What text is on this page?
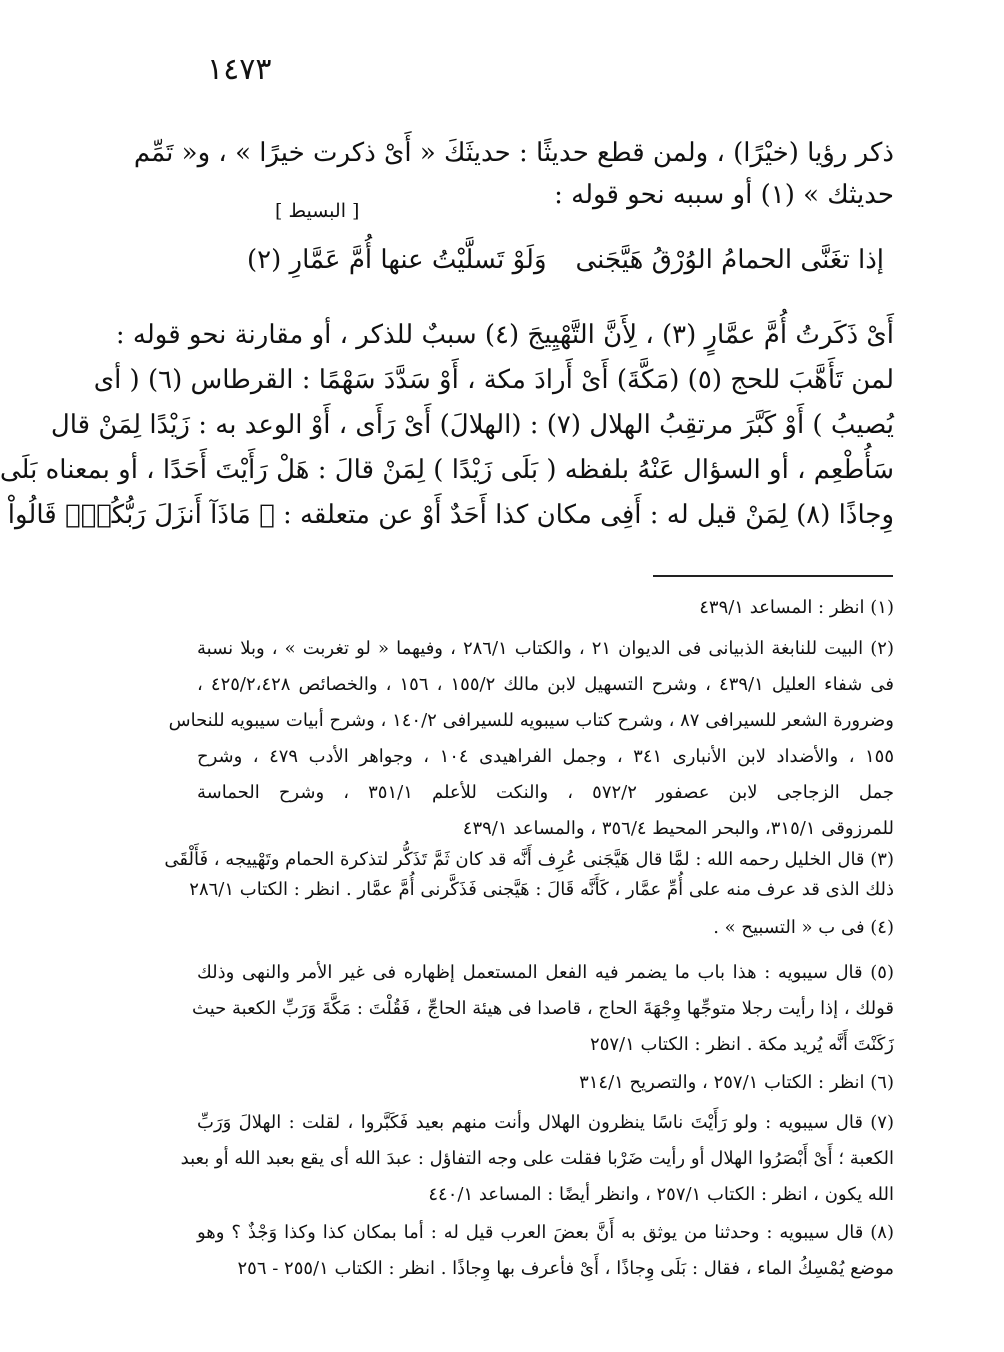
١٤٧٣
ذكر رؤيا (خيْرًا) ، ولمن قطع حديثًا : حديثَكَ « أَىْ ذكرت خيرًا » ، و« تَمِّم
حديثك » (١) أو سببه نحو قوله :
[ البسيط ]
إذا تغَنَّى الحمامُ الوُرْقُ هَيَّجَنى
وَلَوْ تَسلَّيْتُ عنها أُمَّ عَمَّارِ (٢)
أَىْ ذَكَرتُ أُمَّ عمَّارٍ (٣) ، لِأَنَّ التَّهْيِيجَ (٤) سببٌ للذكر ، أو مقارنة نحو قوله :
لمن تَأَهَّبَ للحج (٥) (مَكَّةَ) أَىْ أَرادَ مكة ، أَوْ سَدَّدَ سَهْمًا : القرطاس (٦) ( أى
يُصيبُ ) أَوْ كَبَّرَ مرتقِبُ الهلال (٧) : (الهلالَ) أَىْ رَأَى ، أَوْ الوعد به : زَيْدًا لِمَنْ قال
سَأُطْعِم ، أو السؤال عَنْهُ بلفظه ( بَلَى زَيْدًا ) لِمَنْ قالَ : هَلْ رَأَيْتَ أَحَدًا ، أو بمعناه بَلَى
وِجاذًا (٨) لِمَنْ قيل له : أَفِى مكان كذا أَحَدٌ أَوْ عن متعلقه : ﴿ مَاذَآ أَنزَلَ رَبُّكُمْۚ قَالُواْ
(١) انظر : المساعد ٤٣٩/١
(٢) البيت للنابغة الذبيانى فى الديوان ٢١ ، والكتاب ٢٨٦/١ ، وفيهما « لو تغربت » ، وبلا نسبة
فى شفاء العليل ٤٣٩/١ ، وشرح التسهيل لابن مالك ١٥٥/٢ ، ١٥٦ ، والخصائص ٤٢٥/٢،٤٢٨ ،
وضرورة الشعر للسيرافى ٨٧ ، وشرح كتاب سيبويه للسيرافى ١٤٠/٢ ، وشرح أبيات سيبويه للنحاس
١٥٥ ، والأضداد لابن الأنبارى ٣٤١ ، وجمل الفراهيدى ١٠٤ ، وجواهر الأدب ٤٧٩ ، وشرح
جمل الزجاجى لابن عصفور ٥٧٢/٢ ، والنكت للأعلم ٣٥١/١ ، وشرح الحماسة
للمرزوقى ٣١٥/١، والبحر المحيط ٣٥٦/٤ ، والمساعد ٤٣٩/١
(٣) قال الخليل رحمه الله : لمَّا قال هَيَّجَنى عُرِف أَنَّه قد كان ثَمَّ تَذَكُّر لتذكرة الحمام وتَهْييجه ، فَأَلْقَى
ذلك الذى قد عرف منه على أُمِّ عمَّار ، كَأَنَّه قَالَ : هَيَّجنى فَذَكَّرنى أُمَّ عمَّار . انظر : الكتاب ٢٨٦/١
(٤) فى ب « التسبيح » .
(٥) قال سيبويه : هذا باب ما يضمر فيه الفعل المستعمل إظهاره فى غير الأمر والنهى وذلك
قولك ، إذا رأيت رجلا متوجِّها وِجْهَةَ الحاج ، قاصدا فى هيئة الحاجِّ ، فَقُلْتَ : مَكَّةَ وَرَبِّ الكعبة حيث
زَكَنْتَ أَنَّه يُريد مكة . انظر : الكتاب ٢٥٧/١
(٦) انظر : الكتاب ٢٥٧/١ ، والتصريح ٣١٤/١
(٧) قال سيبويه : ولو رَأَيْتَ ناسًا ينظرون الهلال وأنت منهم بعيد فَكَبَّروا ، لقلت : الهلالَ وَرَبِّ
الكعبة ؛ أَىْ أَبْصَرُوا الهلال أو رأيت ضَرْبا فقلت على وجه التفاؤل : عبدَ الله أى يقع بعبد الله أو بعبد
الله يكون ، انظر : الكتاب ٢٥٧/١ ، وانظر أيضًا : المساعد ٤٤٠/١
(٨) قال سيبويه : وحدثنا من يوثق به أَنَّ بعضَ العرب قيل له : أما بمكان كذا وكذا وَجْذٌ ؟ وهو
موضع يُمْسِكُ الماء ، فقال : بَلَى وِجاذًا ، أَىْ فأعرف بها وِجاذًا . انظر : الكتاب ٢٥٥/١ - ٢٥٦
